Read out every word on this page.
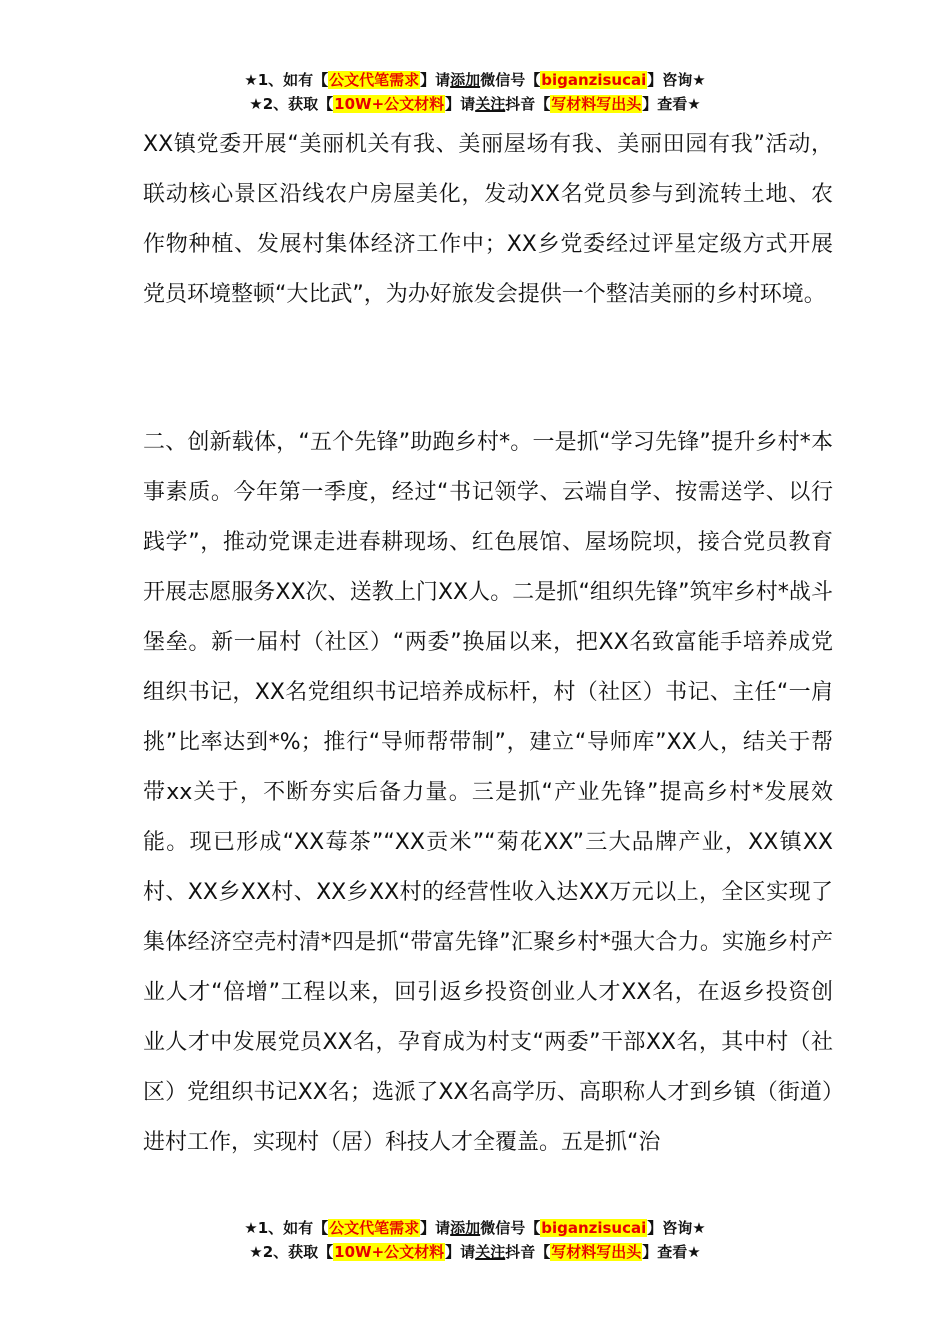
★1、如有【公文代笔需求】请添加微信号【biganzisucai】咨询★
★2、获取【10W+公文材料】请关注抖音【写材料写出头】查看★

XX镇党委开展“美丽机关有我、美丽屋场有我、美丽田园有我”活动，联动核心景区沿线农户房屋美化，发动XX名党员参与到流转土地、农作物种植、发展村集体经济工作中；XX乡党委经过评星定级方式开展党员环境整顿“大比武”，为办好旅发会提供一个整洁美丽的乡村环境。

二、创新载体，“五个先锋”助跑乡村*。一是抓“学习先锋”提升乡村*本事素质。今年第一季度，经过“书记领学、云端自学、按需送学、以行践学”，推动党课走进春耕现场、红色展馆、屋场院坝，接合党员教育开展志愿服务XX次、送教上门XX人。二是抓“组织先锋”筑牢乡村*战斗堡垒。新一届村（社区）“两委”换届以来，把XX名致富能手培养成党组织书记，XX名党组织书记培养成标杆，村（社区）书记、主任“一肩挑”比率达到*%；推行“导师帮带制”，建立“导师库”XX人，结关于帮带xx关于，不断夯实后备力量。三是抓“产业先锋”提高乡村*发展效能。现已形成“XX莓茶”“XX贡米”“菊花XX”三大品牌产业，XX镇XX村、XX乡XX村、XX乡XX村的经营性收入达XX万元以上，全区实现了集体经济空壳村清*四是抓“带富先锋”汇聚乡村*强大合力。实施乡村产业人才“倍增”工程以来，回引返乡投资创业人才XX名，在返乡投资创业人才中发展党员XX名，孕育成为村支“两委”干部XX名，其中村（社区）党组织书记XX名；选派了XX名高学历、高职称人才到乡镇（街道）进村工作，实现村（居）科技人才全覆盖。五是抓“治

★1、如有【公文代笔需求】请添加微信号【biganzisucai】咨询★
★2、获取【10W+公文材料】请关注抖音【写材料写出头】查看★
